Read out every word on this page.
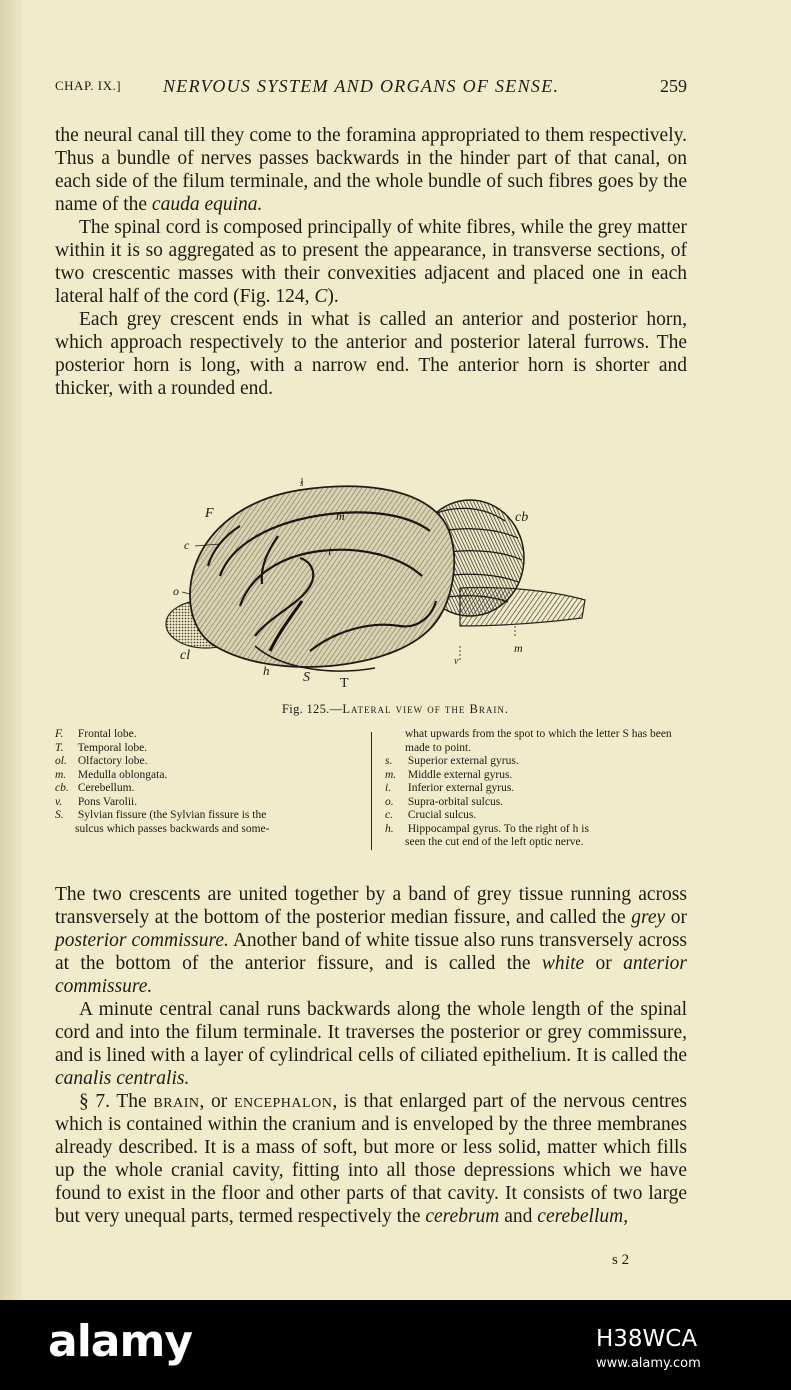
CHAP. IX.] NERVOUS SYSTEM AND ORGANS OF SENSE.	259

the neural canal till they come to the foramina appropriated to them respectively. Thus a bundle of nerves passes backwards in the hinder part of that canal, on each side of the filum terminale, and the whole bundle of such fibres goes by the name of the cauda equina.

The spinal cord is composed principally of white fibres, while the grey matter within it is so aggregated as to present the appearance, in transverse sections, of two crescentic masses with their convexities adjacent and placed one in each lateral half of the cord (Fig. 124, C).

Each grey crescent ends in what is called an anterior and posterior horn, which approach respectively to the anterior and posterior lateral furrows. The posterior horn is long, with a narrow end. The anterior horn is shorter and thicker, with a rounded end.

F
s
m	cb
c	i
o
cl
h S T
v
m
Fig. 125.—Lateral view of the Brain.
F. Frontal lobe.
T. Temporal lobe.
ol. Olfactory lobe.
m. Medulla oblongata.
cb. Cerebellum.
v. Pons Varolii.
S. Sylvian fissure (the Sylvian fissure is the
sulcus which passes backwards and some-
what upwards from the spot to which the letter S has been made to point.
s. Superior external gyrus.
m. Middle external gyrus.
i. Inferior external gyrus.
o. Supra-orbital sulcus.
c. Crucial sulcus.
h. Hippocampal gyrus. To the right of h is
seen the cut end of the left optic nerve.

The two crescents are united together by a band of grey tissue running across transversely at the bottom of the posterior median fissure, and called the grey or posterior commissure. Another band of white tissue also runs transversely across at the bottom of the anterior fissure, and is called the white or anterior commissure.

A minute central canal runs backwards along the whole length of the spinal cord and into the filum terminale. It traverses the posterior or grey commissure, and is lined with a layer of cylindrical cells of ciliated epithelium. It is called the canalis centralis.

§ 7. The brain, or encephalon, is that enlarged part of the nervous centres which is contained within the cranium and is enveloped by the three membranes already described. It is a mass of soft, but more or less solid, matter which fills up the whole cranial cavity, fitting into all those depressions which we have found to exist in the floor and other parts of that cavity. It consists of two large but very unequal parts, termed respectively the cerebrum and cerebellum,

s 2
alamy	H38WCA
www.alamy.com
